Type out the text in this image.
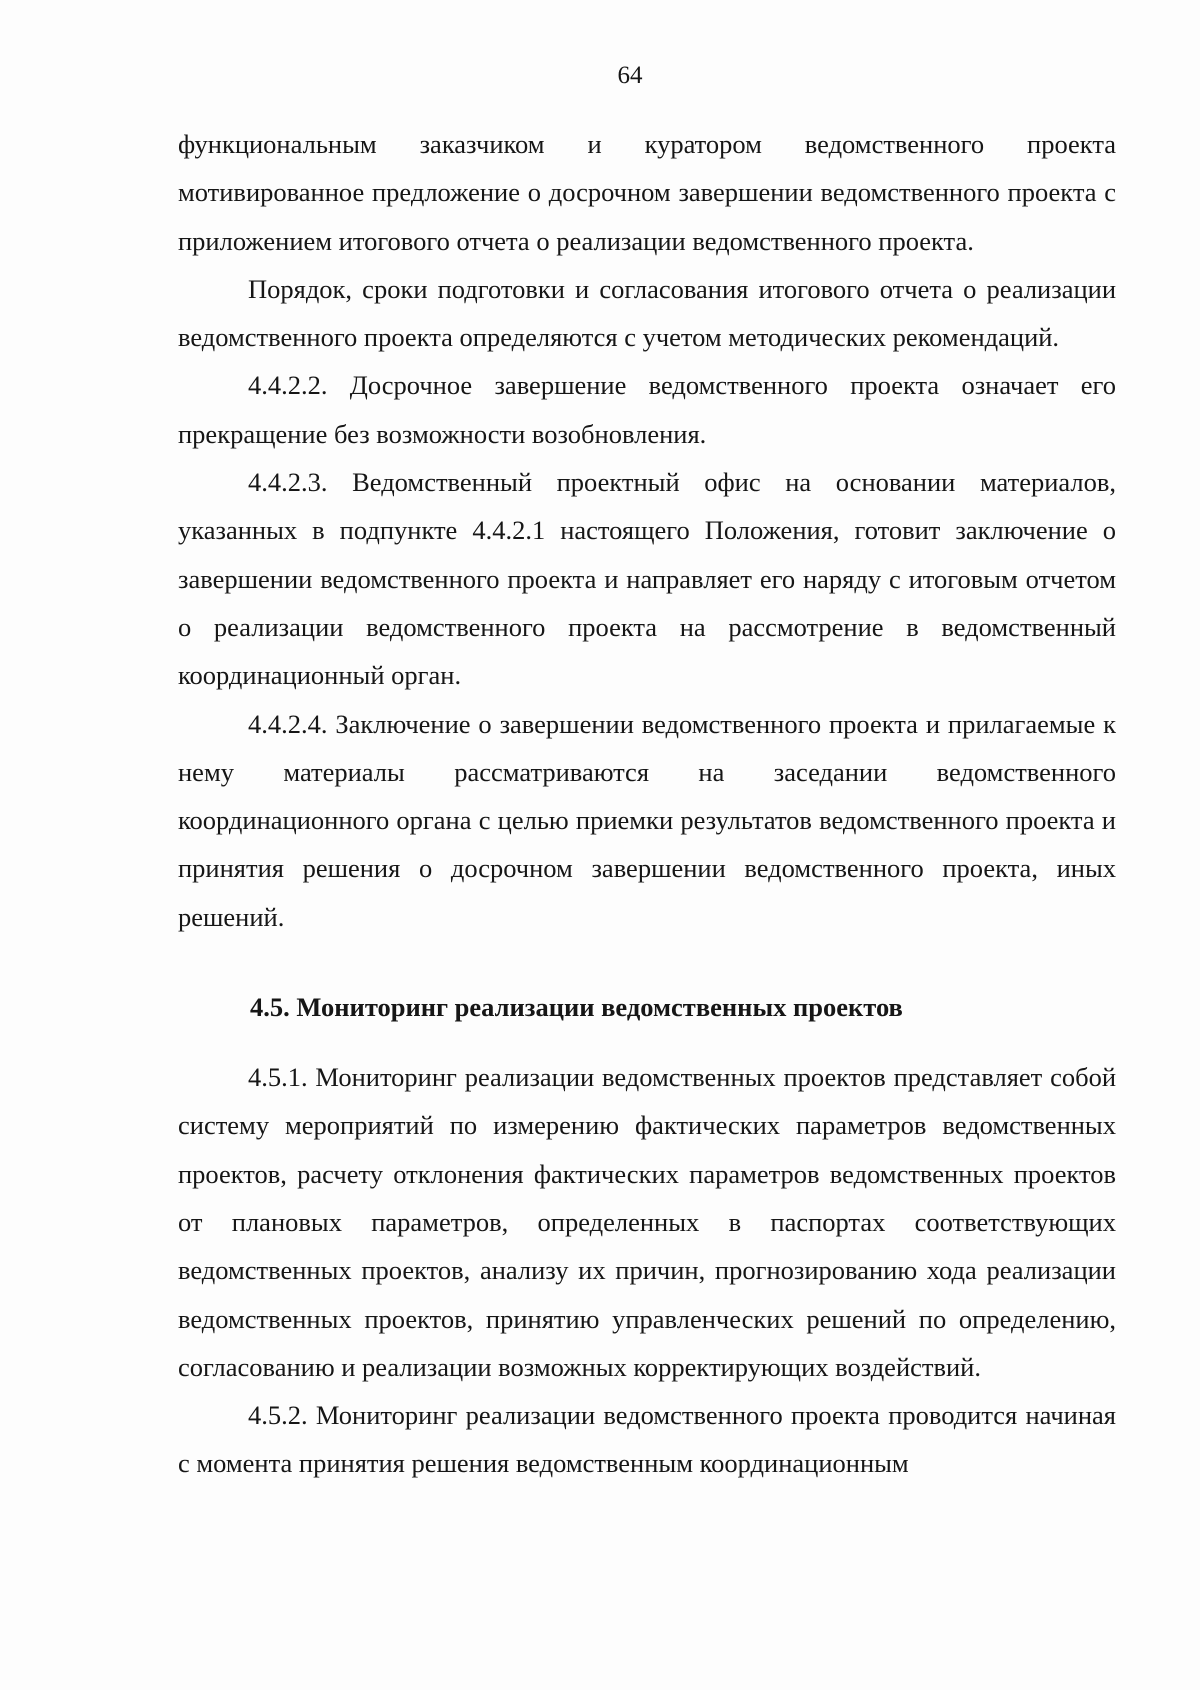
64

функциональным заказчиком и куратором ведомственного проекта мотивированное предложение о досрочном завершении ведомственного проекта с приложением итогового отчета о реализации ведомственного проекта.

Порядок, сроки подготовки и согласования итогового отчета о реализации ведомственного проекта определяются с учетом методических рекомендаций.

4.4.2.2. Досрочное завершение ведомственного проекта означает его прекращение без возможности возобновления.

4.4.2.3. Ведомственный проектный офис на основании материалов, указанных в подпункте 4.4.2.1 настоящего Положения, готовит заключение о завершении ведомственного проекта и направляет его наряду с итоговым отчетом о реализации ведомственного проекта на рассмотрение в ведомственный координационный орган.

4.4.2.4. Заключение о завершении ведомственного проекта и прилагаемые к нему материалы рассматриваются на заседании ведомственного координационного органа с целью приемки результатов ведомственного проекта и принятия решения о досрочном завершении ведомственного проекта, иных решений.

4.5. Мониторинг реализации ведомственных проектов

4.5.1. Мониторинг реализации ведомственных проектов представляет собой систему мероприятий по измерению фактических параметров ведомственных проектов, расчету отклонения фактических параметров ведомственных проектов от плановых параметров, определенных в паспортах соответствующих ведомственных проектов, анализу их причин, прогнозированию хода реализации ведомственных проектов, принятию управленческих решений по определению, согласованию и реализации возможных корректирующих воздействий.

4.5.2. Мониторинг реализации ведомственного проекта проводится начиная с момента принятия решения ведомственным координационным
